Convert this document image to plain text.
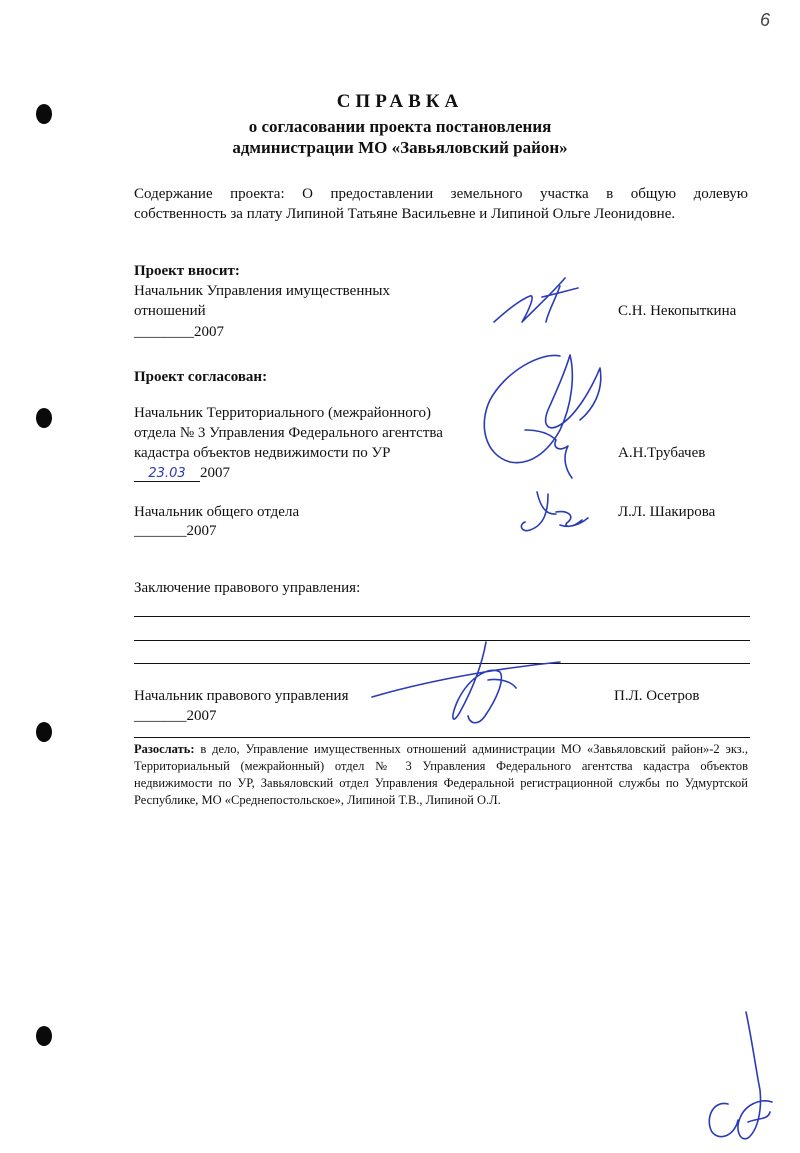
6
СПРАВКА
о согласовании проекта постановления
администрации МО «Завьяловский район»
Содержание проекта: О предоставлении земельного участка в общую долевую
собственность за плату Липиной Татьяне Васильевне и Липиной Ольге Леонидовне.
Проект вносит:
Начальник Управления имущественных
отношений
________2007
С.Н. Некопыткина
Проект согласован:
Начальник Территориального (межрайонного)
отдела № 3 Управления Федерального агентства
кадастра объектов недвижимости по УР
23.03 2007
А.Н.Трубачев
Начальник общего отдела
_______2007
Л.Л. Шакирова
Заключение правового управления:
Начальник правового управления
_______2007
П.Л. Осетров
Разослать: в дело, Управление имущественных отношений администрации МО «Завьяловский район»-2 экз., Территориальный (межрайонный) отдел № 3 Управления Федерального агентства кадастра объектов недвижимости по УР, Завьяловский отдел Управления Федеральной регистрационной службы по Удмуртской Республике, МО «Среднепостольское», Липиной Т.В., Липиной О.Л.
